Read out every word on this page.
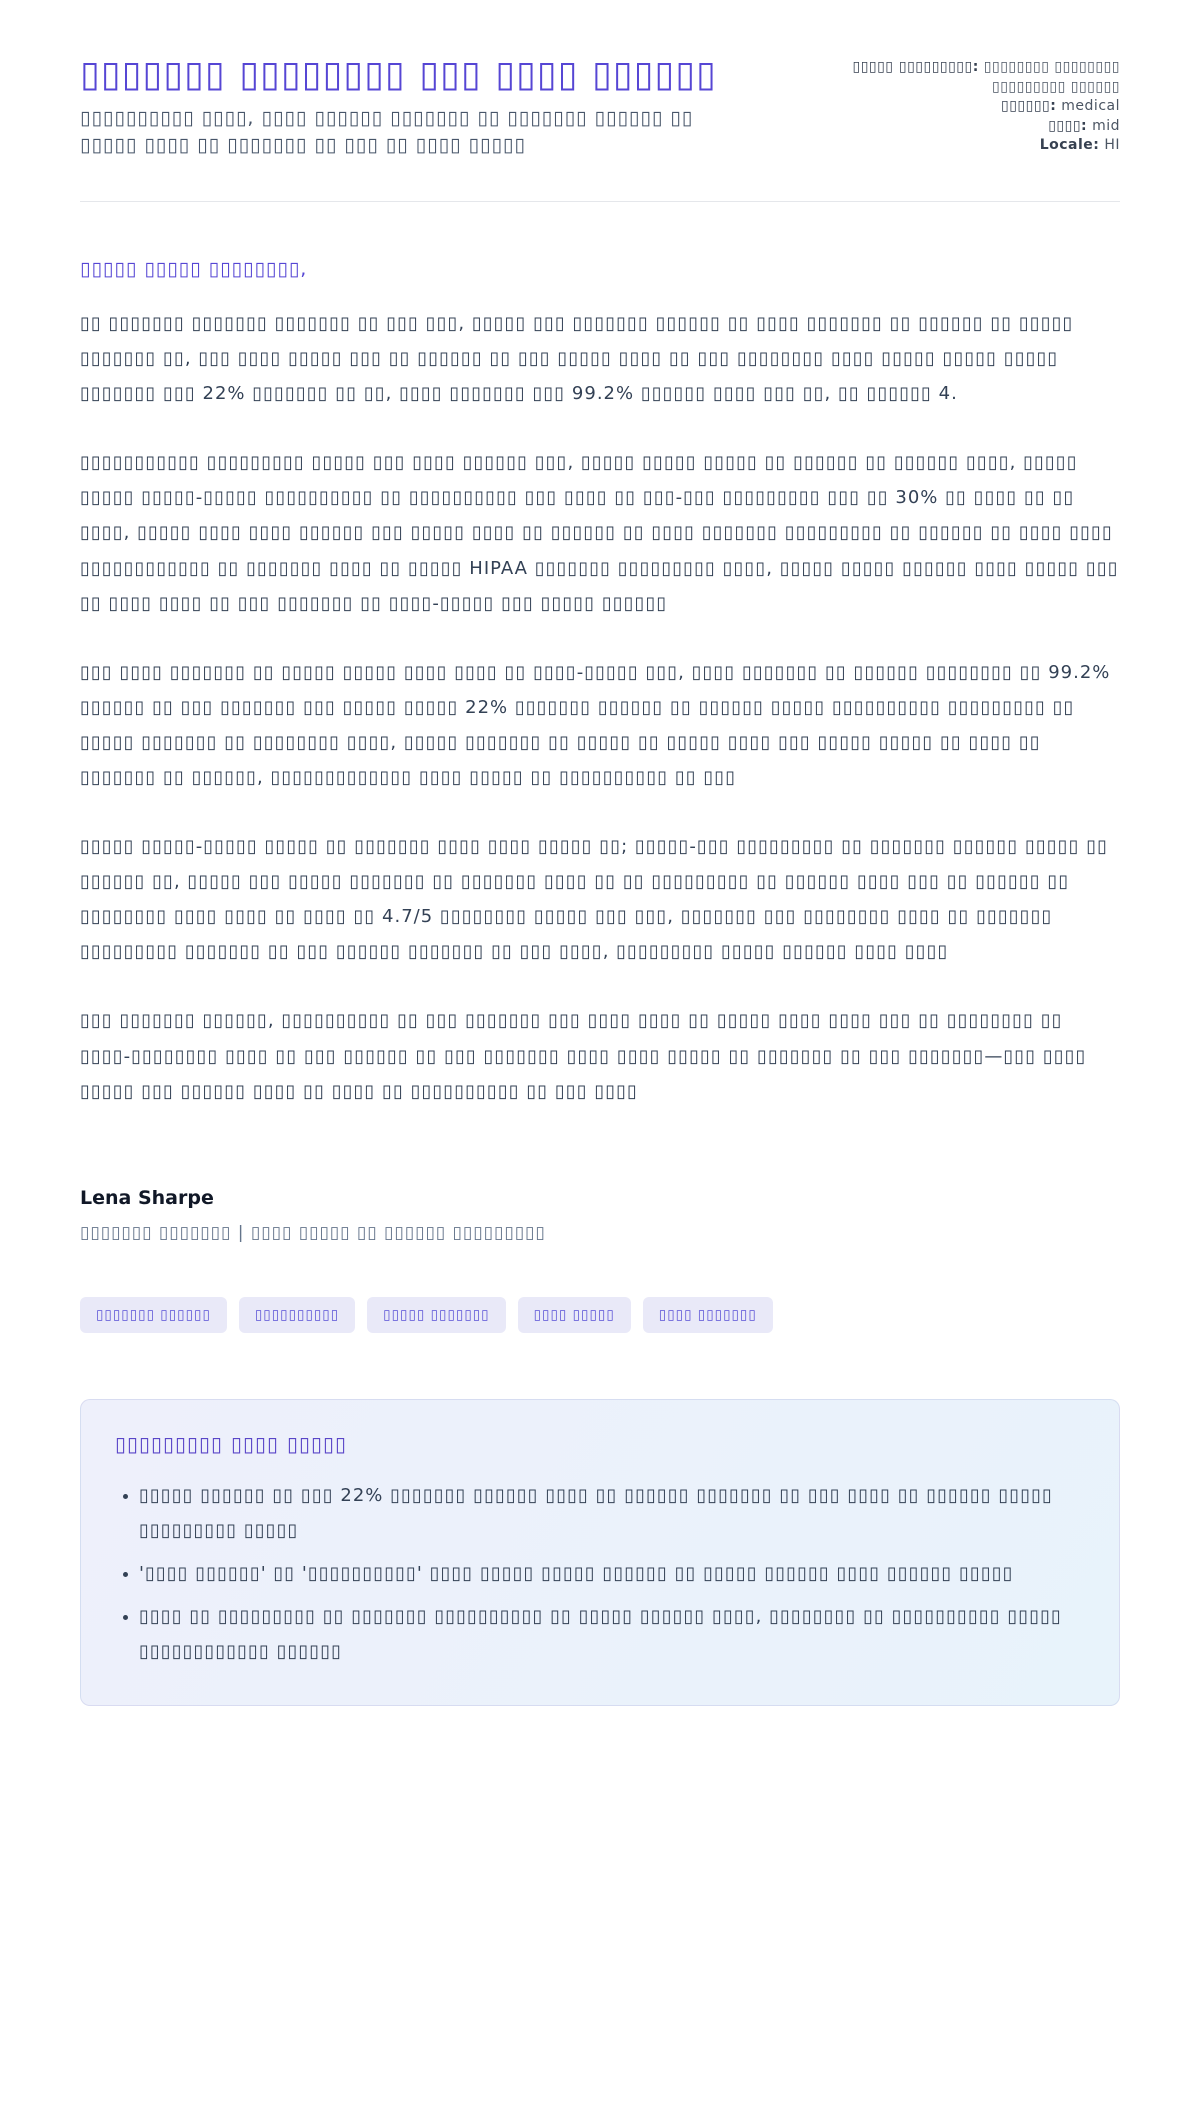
▯▯▯▯▯▯▯ ▯▯▯▯▯▯▯▯ ▯▯▯ ▯▯▯▯ ▯▯▯▯▯▯

▯▯▯▯▯▯▯▯▯▯ ▯▯▯▯, ▯▯▯▯ ▯▯▯▯▯▯ ▯▯▯▯▯▯▯ ▯▯ ▯▯▯▯▯▯▯ ▯▯▯▯▯▯ ▯▯ ▯▯▯▯▯ ▯▯▯▯ ▯▯ ▯▯▯▯▯▯▯ ▯▯ ▯▯▯ ▯▯ ▯▯▯▯ ▯▯▯▯▯

▯▯▯▯▯ ▯▯▯▯▯▯▯▯▯: ▯▯▯▯▯▯▯▯ ▯▯▯▯▯▯▯▯ ▯▯▯▯▯▯▯▯▯ ▯▯▯▯▯▯
▯▯▯▯▯▯: medical
▯▯▯▯: mid
Locale: HI
▯▯▯▯▯ ▯▯▯▯▯ ▯▯▯▯▯▯▯▯,

▯▯ ▯▯▯▯▯▯▯ ▯▯▯▯▯▯▯ ▯▯▯▯▯▯▯ ▯▯ ▯▯▯ ▯▯▯, ▯▯▯▯▯ ▯▯▯ ▯▯▯▯▯▯▯ ▯▯▯▯▯▯ ▯▯ ▯▯▯▯ ▯▯▯▯▯▯▯ ▯▯ ▯▯▯▯▯▯ ▯▯ ▯▯▯▯▯ ▯▯▯▯▯▯▯ ▯▯, ▯▯▯ ▯▯▯▯ ▯▯▯▯▯ ▯▯▯ ▯▯ ▯▯▯▯▯▯ ▯▯ ▯▯▯ ▯▯▯▯▯ ▯▯▯▯ ▯▯ ▯▯▯ ▯▯▯▯▯▯▯▯ ▯▯▯▯ ▯▯▯▯▯ ▯▯▯▯▯ ▯▯▯▯▯ ▯▯▯▯▯▯▯ ▯▯▯ 22% ▯▯▯▯▯▯▯ ▯▯ ▯▯, ▯▯▯▯ ▯▯▯▯▯▯▯ ▯▯▯ 99.2% ▯▯▯▯▯▯ ▯▯▯▯ ▯▯▯ ▯▯, ▯▯ ▯▯▯▯▯▯ 4.

▯▯▯▯▯▯▯▯▯▯▯ ▯▯▯▯▯▯▯▯▯ ▯▯▯▯▯ ▯▯▯ ▯▯▯▯ ▯▯▯▯▯▯ ▯▯▯, ▯▯▯▯▯ ▯▯▯▯▯ ▯▯▯▯▯ ▯▯ ▯▯▯▯▯▯ ▯▯ ▯▯▯▯▯▯ ▯▯▯▯, ▯▯▯▯▯ ▯▯▯▯▯ ▯▯▯▯▯-▯▯▯▯▯ ▯▯▯▯▯▯▯▯▯▯ ▯▯ ▯▯▯▯▯▯▯▯▯▯ ▯▯▯ ▯▯▯▯ ▯▯ ▯▯▯-▯▯▯ ▯▯▯▯▯▯▯▯▯ ▯▯▯ ▯▯ 30% ▯▯ ▯▯▯▯ ▯▯ ▯▯ ▯▯▯▯, ▯▯▯▯▯ ▯▯▯▯ ▯▯▯▯ ▯▯▯▯▯▯ ▯▯▯ ▯▯▯▯▯ ▯▯▯▯ ▯▯ ▯▯▯▯▯▯ ▯▯ ▯▯▯▯ ▯▯▯▯▯▯▯ ▯▯▯▯▯▯▯▯▯ ▯▯ ▯▯▯▯▯▯ ▯▯ ▯▯▯▯ ▯▯▯▯ ▯▯▯▯▯▯▯▯▯▯▯▯ ▯▯ ▯▯▯▯▯▯▯ ▯▯▯▯ ▯▯ ▯▯▯▯▯ HIPAA ▯▯▯▯▯▯▯ ▯▯▯▯▯▯▯▯▯ ▯▯▯▯, ▯▯▯▯▯ ▯▯▯▯▯ ▯▯▯▯▯▯ ▯▯▯▯ ▯▯▯▯▯ ▯▯▯ ▯▯ ▯▯▯▯ ▯▯▯▯ ▯▯ ▯▯▯ ▯▯▯▯▯▯▯ ▯▯ ▯▯▯▯-▯▯▯▯▯ ▯▯▯ ▯▯▯▯▯ ▯▯▯▯▯▯

▯▯▯ ▯▯▯▯ ▯▯▯▯▯▯▯ ▯▯ ▯▯▯▯▯ ▯▯▯▯▯ ▯▯▯▯ ▯▯▯▯ ▯▯ ▯▯▯▯-▯▯▯▯▯ ▯▯▯, ▯▯▯▯ ▯▯▯▯▯▯▯ ▯▯ ▯▯▯▯▯▯ ▯▯▯▯▯▯▯▯ ▯▯ 99.2% ▯▯▯▯▯▯ ▯▯ ▯▯▯ ▯▯▯▯▯▯▯ ▯▯▯ ▯▯▯▯▯ ▯▯▯▯▯ 22% ▯▯▯▯▯▯▯ ▯▯▯▯▯▯ ▯▯ ▯▯▯▯▯▯ ▯▯▯▯▯ ▯▯▯▯▯▯▯▯▯▯ ▯▯▯▯▯▯▯▯▯ ▯▯ ▯▯▯▯▯ ▯▯▯▯▯▯▯ ▯▯ ▯▯▯▯▯▯▯▯ ▯▯▯▯, ▯▯▯▯▯ ▯▯▯▯▯▯▯ ▯▯ ▯▯▯▯▯ ▯▯ ▯▯▯▯▯ ▯▯▯▯ ▯▯▯ ▯▯▯▯▯ ▯▯▯▯▯ ▯▯ ▯▯▯▯ ▯▯ ▯▯▯▯▯▯▯ ▯▯ ▯▯▯▯▯▯, ▯▯▯▯▯▯▯▯▯▯▯▯▯ ▯▯▯▯ ▯▯▯▯▯ ▯▯ ▯▯▯▯▯▯▯▯▯▯ ▯▯ ▯▯▯

▯▯▯▯▯ ▯▯▯▯▯-▯▯▯▯▯ ▯▯▯▯▯ ▯▯ ▯▯▯▯▯▯▯ ▯▯▯▯ ▯▯▯▯ ▯▯▯▯▯ ▯▯; ▯▯▯▯▯-▯▯▯ ▯▯▯▯▯▯▯▯▯ ▯▯ ▯▯▯▯▯▯▯ ▯▯▯▯▯▯ ▯▯▯▯▯ ▯▯ ▯▯▯▯▯▯ ▯▯, ▯▯▯▯▯ ▯▯▯ ▯▯▯▯▯ ▯▯▯▯▯▯▯ ▯▯ ▯▯▯▯▯▯▯ ▯▯▯▯ ▯▯ ▯▯ ▯▯▯▯▯▯▯▯▯ ▯▯ ▯▯▯▯▯▯ ▯▯▯▯ ▯▯▯ ▯▯ ▯▯▯▯▯▯ ▯▯ ▯▯▯▯▯▯▯▯ ▯▯▯▯ ▯▯▯▯ ▯▯ ▯▯▯▯ ▯▯ 4.7/5 ▯▯▯▯▯▯▯▯ ▯▯▯▯▯ ▯▯▯ ▯▯▯, ▯▯▯▯▯▯▯ ▯▯▯ ▯▯▯▯▯▯▯▯ ▯▯▯▯ ▯▯ ▯▯▯▯▯▯▯ ▯▯▯▯▯▯▯▯▯ ▯▯▯▯▯▯▯ ▯▯ ▯▯▯ ▯▯▯▯▯▯ ▯▯▯▯▯▯▯ ▯▯ ▯▯▯ ▯▯▯▯, ▯▯▯▯▯▯▯▯▯ ▯▯▯▯▯ ▯▯▯▯▯▯ ▯▯▯▯ ▯▯▯▯

▯▯▯ ▯▯▯▯▯▯▯ ▯▯▯▯▯▯, ▯▯▯▯▯▯▯▯▯▯ ▯▯ ▯▯▯ ▯▯▯▯▯▯▯ ▯▯▯ ▯▯▯▯ ▯▯▯▯ ▯▯ ▯▯▯▯▯ ▯▯▯▯ ▯▯▯▯ ▯▯▯ ▯▯ ▯▯▯▯▯▯▯▯ ▯▯ ▯▯▯▯-▯▯▯▯▯▯▯▯ ▯▯▯▯ ▯▯ ▯▯▯ ▯▯▯▯▯▯ ▯▯ ▯▯▯ ▯▯▯▯▯▯▯ ▯▯▯▯ ▯▯▯▯ ▯▯▯▯▯ ▯▯ ▯▯▯▯▯▯▯ ▯▯ ▯▯▯ ▯▯▯▯▯▯▯—▯▯▯ ▯▯▯▯ ▯▯▯▯▯ ▯▯▯ ▯▯▯▯▯▯ ▯▯▯▯ ▯▯ ▯▯▯▯ ▯▯ ▯▯▯▯▯▯▯▯▯▯ ▯▯ ▯▯▯ ▯▯▯▯

Lena Sharpe
▯▯▯▯▯▯▯ ▯▯▯▯▯▯▯ | ▯▯▯▯ ▯▯▯▯▯ ▯▯ ▯▯▯▯▯▯ ▯▯▯▯▯▯▯▯▯
▯▯▯▯▯▯▯ ▯▯▯▯▯▯	▯▯▯▯▯▯▯▯▯▯	▯▯▯▯▯ ▯▯▯▯▯▯▯	▯▯▯▯ ▯▯▯▯▯	▯▯▯▯ ▯▯▯▯▯▯▯
▯▯▯▯▯▯▯▯▯ ▯▯▯▯ ▯▯▯▯▯
• ▯▯▯▯▯ ▯▯▯▯▯▯ ▯▯ ▯▯▯ 22% ▯▯▯▯▯▯▯ ▯▯▯▯▯▯ ▯▯▯▯ ▯▯ ▯▯▯▯▯▯ ▯▯▯▯▯▯▯ ▯▯ ▯▯▯ ▯▯▯▯ ▯▯ ▯▯▯▯▯▯ ▯▯▯▯▯ ▯▯▯▯▯▯▯▯▯ ▯▯▯▯▯
• '▯▯▯▯ ▯▯▯▯▯▯' ▯▯ '▯▯▯▯▯▯▯▯▯▯' ▯▯▯▯ ▯▯▯▯▯ ▯▯▯▯▯ ▯▯▯▯▯▯ ▯▯ ▯▯▯▯▯ ▯▯▯▯▯▯ ▯▯▯▯ ▯▯▯▯▯▯ ▯▯▯▯▯
• ▯▯▯▯ ▯▯ ▯▯▯▯▯▯▯▯▯ ▯▯ ▯▯▯▯▯▯▯ ▯▯▯▯▯▯▯▯▯▯ ▯▯ ▯▯▯▯▯ ▯▯▯▯▯▯ ▯▯▯▯, ▯▯▯▯▯▯▯▯ ▯▯ ▯▯▯▯▯▯▯▯▯▯ ▯▯▯▯▯ ▯▯▯▯▯▯▯▯▯▯▯▯ ▯▯▯▯▯▯
